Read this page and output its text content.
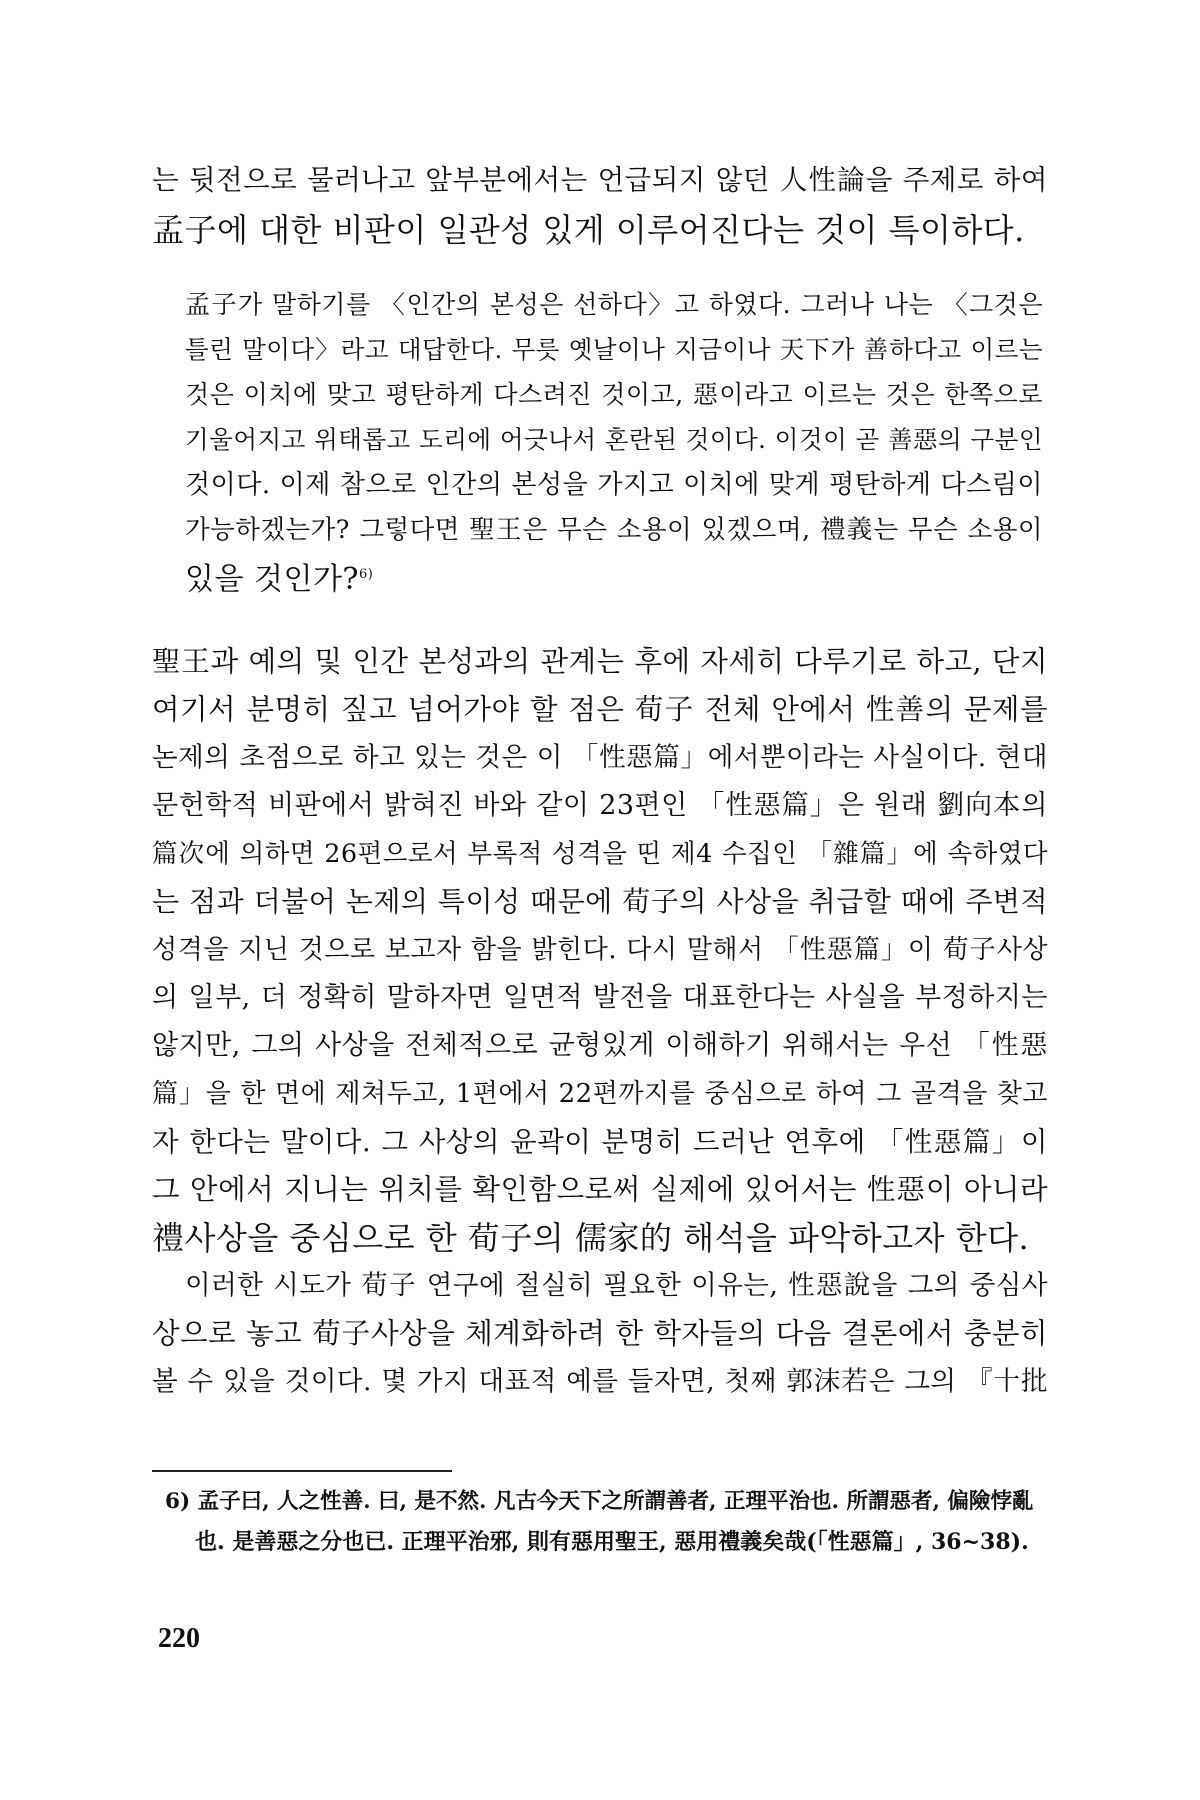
는 뒷전으로 물러나고 앞부분에서는 언급되지 않던 人性論을 주제로 하여
孟子에 대한 비판이 일관성 있게 이루어진다는 것이 특이하다.
孟子가 말하기를 〈인간의 본성은 선하다〉고 하였다. 그러나 나는 〈그것은
틀린 말이다〉라고 대답한다. 무릇 옛날이나 지금이나 天下가 善하다고 이르는
것은 이치에 맞고 평탄하게 다스려진 것이고, 惡이라고 이르는 것은 한쪽으로
기울어지고 위태롭고 도리에 어긋나서 혼란된 것이다. 이것이 곧 善惡의 구분인
것이다. 이제 참으로 인간의 본성을 가지고 이치에 맞게 평탄하게 다스림이
가능하겠는가? 그렇다면 聖王은 무슨 소용이 있겠으며, 禮義는 무슨 소용이
있을 것인가?$^{6)}$
聖王과 예의 및 인간 본성과의 관계는 후에 자세히 다루기로 하고, 단지
여기서 분명히 짚고 넘어가야 할 점은 荀子 전체 안에서 性善의 문제를
논제의 초점으로 하고 있는 것은 이 「性惡篇」에서뿐이라는 사실이다. 현대
문헌학적 비판에서 밝혀진 바와 같이 23편인 「性惡篇」은 원래 劉向本의
篇次에 의하면 26편으로서 부록적 성격을 띤 제4 수집인 「雜篇」에 속하였다
는 점과 더불어 논제의 특이성 때문에 荀子의 사상을 취급할 때에 주변적
성격을 지닌 것으로 보고자 함을 밝힌다. 다시 말해서 「性惡篇」이 荀子사상
의 일부, 더 정확히 말하자면 일면적 발전을 대표한다는 사실을 부정하지는
않지만, 그의 사상을 전체적으로 균형있게 이해하기 위해서는 우선 「性惡
篇」을 한 면에 제쳐두고, 1편에서 22편까지를 중심으로 하여 그 골격을 찾고
자 한다는 말이다. 그 사상의 윤곽이 분명히 드러난 연후에 「性惡篇」이
그 안에서 지니는 위치를 확인함으로써 실제에 있어서는 性惡이 아니라
禮사상을 중심으로 한 荀子의 儒家的 해석을 파악하고자 한다.
이러한 시도가 荀子 연구에 절실히 필요한 이유는, 性惡說을 그의 중심사
상으로 놓고 荀子사상을 체계화하려 한 학자들의 다음 결론에서 충분히
볼 수 있을 것이다. 몇 가지 대표적 예를 들자면, 첫째 郭沫若은 그의 『十批
6) 孟子曰, 人之性善. 曰, 是不然. 凡古今天下之所謂善者, 正理平治也. 所謂惡者, 偏險悖亂
也. 是善惡之分也已. 正理平治邪, 則有惡用聖王, 惡用禮義矣哉(「性惡篇」, 36~38).
220
